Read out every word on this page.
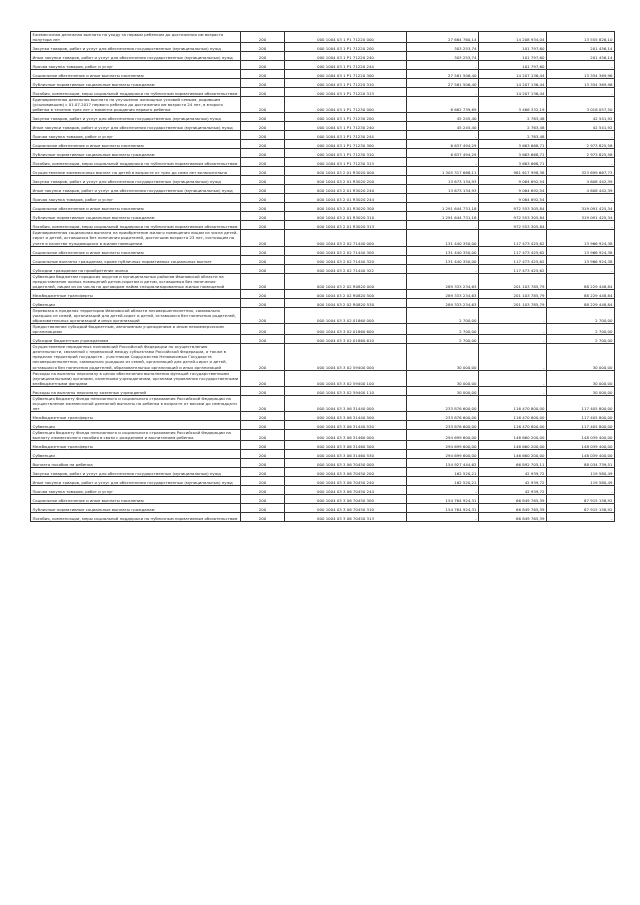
Ежемесячная денежная выплата по уходу за первым ребенком до достижения им возраста полутора лет	200	000 1004 03 1 P1 71220 000	27 664 760,14	14 208 934,04	13 555 826,10
Закупка товаров, работ и услуг для обеспечения государственных (муниципальных) нужд	200	000 1004 03 1 P1 71220 200	303 253,74	101 797,60	201 456,14
Иные закупки товаров, работ и услуг для обеспечения государственных (муниципальных) нужд	200	000 1004 03 1 P1 71220 240	303 253,74	101 797,60	201 456,14
Прочая закупка товаров, работ и услуг	200	000 1004 03 1 P1 71220 244	-	101 797,60	-
Социальное обеспечение и иные выплаты населению	200	000 1004 03 1 P1 71220 300	27 561 506,40	14 207 136,44	13 354 369,96
Публичные нормативные социальные выплаты гражданам	200	000 1004 03 1 P1 71220 310	27 561 506,40	14 207 136,44	13 354 369,96
Пособия, компенсации, меры социальной поддержки по публичным нормативным обязательствам	200	000 1004 03 1 P1 71220 313	-	14 207 136,44	-
Единовременная денежная выплата на улучшение жилищных условий семьям, родившим (усыновившим) с 01.07.2017 первого ребенка до достижения им возраста 24 лет, в второго ребенка в течение трех лет с момента рождения первого ребенка	200	000 1004 03 1 P1 71230 000	6 662 739,69	3 466 332,19	3 018 057,50
Закупка товаров, работ и услуг для обеспечения государственных (муниципальных) нужд	200	000 1004 03 1 P1 71230 200	45 245,40	2 763,48	42 541,92
Иные закупки товаров, работ и услуг для обеспечения государственных (муниципальных) нужд	200	000 1004 03 1 P1 71230 240	45 245,40	2 763,48	42 541,92
Прочая закупка товаров, работ и услуг	200	000 1004 03 1 P1 71230 244	-	2 763,48	-
Социальное обеспечение и иные выплаты населению	200	000 1004 03 1 P1 71230 300	6 637 494,29	3 663 668,71	2 973 825,58
Публичные нормативные социальные выплаты гражданам	200	000 1004 03 1 P1 71230 310	6 637 494,29	3 663 668,71	2 973 825,58
Пособия, компенсации, меры социальной поддержки по публичным нормативным обязательствам	200	000 1004 03 1 P1 71230 313	-	3 663 668,71	-
Осуществление ежемесячных выплат на детей в возрасте от трех до семи лет включительно	200	000 1004 03 2 01 R3020 000	1 305 317 668,11	981 617 998,38	323 699 667,73
Закупка товаров, работ и услуг для обеспечения государственных (муниципальных) нужд	200	000 1004 03 2 01 R3020 200	13 673 134,93	9 064 692,54	4 608 442,39
Иные закупки товаров, работ и услуг для обеспечения государственных (муниципальных) нужд	200	000 1004 03 2 01 R3020 240	13 673 134,93	9 064 692,54	4 608 442,39
Прочая закупка товаров, работ и услуг	200	000 1004 03 2 01 R3020 244	-	9 064 692,54	-
Социальное обеспечение и иные выплаты населению	200	000 1004 03 2 01 R3020 300	1 291 644 731,18	972 553 305,84	319 091 425,34
Публичные нормативные социальные выплаты гражданам	200	000 1004 03 2 01 R3020 310	1 291 644 731,18	972 553 305,84	319 091 425,34
Пособия, компенсации, меры социальной поддержки по публичным нормативным обязательствам	200	000 1004 03 2 01 R3020 313	-	972 553 305,84	-
Единовременная социальная выплата на приобретение жилого помещения лицам из числа детей-сирот и детей, оставшихся без попечения родителей, достигшим возраста 23 лет, состоящим на учете в качестве нуждающихся в жилом помещении	200	000 1004 03 2 02 71440 000	131 440 350,00	117 473 425,62	13 966 924,38
Социальное обеспечение и иные выплаты населению	200	000 1004 03 2 02 71440 300	131 440 350,00	117 473 425,62	13 966 924,38
Социальные выплаты гражданам, кроме публичных нормативных социальных выплат	200	000 1004 03 2 02 71440 320	131 440 350,00	117 473 425,62	13 966 924,38
Субсидии гражданам на приобретение жилья	200	000 1004 03 2 02 71440 322	-	117 473 425,62	-
Субвенции бюджетам городских округов и муниципальных районов Ивановской области на предоставление жилых помещений детям-сиротам и детям, оставшимся без попечения родителей, лицам из их числа по договорам найма специализированных жилых помещений	200	000 1004 03 2 02 R0820 000	289 333 234,63	201 103 785,79	88 229 448,84
Межбюджетные трансферты	200	000 1004 03 2 02 R0820 500	289 333 234,63	201 103 785,79	88 229 448,84
Субвенции	200	000 1004 03 2 02 R0820 530	289 333 234,63	201 103 785,79	88 229 448,84
Перевозка в пределах территории Ивановской области несовершеннолетних, самовольно ушедших из семей, организаций для детей-сирот и детей, оставшихся без попечения родителей, образовательных организаций и иных организаций	200	000 1004 03 3 02 01860 000	2 700,00	-	2 700,00
Предоставление субсидий бюджетным, автономным учреждениям и иным некоммерческим организациям	200	000 1004 03 3 02 01860 600	2 700,00	-	2 700,00
Субсидии бюджетным учреждениям	200	000 1004 03 3 02 01860 610	2 700,00	-	2 700,00
Осуществление переданных полномочий Российской Федерации по осуществлению деятельности, связанной с перевозкой между субъектами Российской Федерации, а также в пределах территорий государств - участников Содружества Независимых Государств несовершеннолетних, самовольно ушедших из семей, организаций для детей-сирот и детей, оставшихся без попечения родителей, образовательных организаций и иных организаций	200	000 1004 03 3 02 59400 000	30 000,00	-	30 000,00
Расходы на выплаты персоналу в целях обеспечения выполнения функций государственными (муниципальными) органами, казенными учреждениями, органами управления государственными внебюджетными фондами	200	000 1004 03 3 02 59400 100	30 000,00	-	30 000,00
Расходы на выплаты персоналу казенных учреждений	200	000 1004 03 3 02 59400 110	30 000,00	-	30 000,00
Субвенция бюджету Фонда пенсионного и социального страхования Российской Федерации на осуществление ежемесячной денежной выплаты на ребенка в возрасте от восьми до семнадцати лет	200	000 1004 03 3 06 31440 000	233 876 600,00	116 470 800,00	117 405 800,00
Межбюджетные трансферты	200	000 1004 03 3 06 31440 500	233 876 600,00	116 470 800,00	117 405 800,00
Субвенции	200	000 1004 03 3 06 31440 530	233 876 600,00	116 470 800,00	117 405 800,00
Субвенция бюджету Фонда пенсионного и социального страхования Российской Федерации на выплату ежемесячного пособия в связи с рождением и воспитанием ребенка	200	000 1004 03 3 06 31460 000	294 699 600,00	146 660 200,00	148 039 400,00
Межбюджетные трансферты	200	000 1004 03 3 06 31460 500	294 699 600,00	146 660 200,00	148 039 400,00
Субвенции	200	000 1004 03 3 06 31460 530	294 699 600,00	146 660 200,00	148 039 400,00
Выплата пособия на ребенка	200	000 1004 03 3 06 70450 000	154 927 444,62	66 892 705,11	88 034 739,51
Закупка товаров, работ и услуг для обеспечения государственных (муниципальных) нужд	200	000 1004 03 3 06 70450 200	162 520,21	42 939,72	119 580,49
Иные закупки товаров, работ и услуг для обеспечения государственных (муниципальных) нужд	200	000 1004 03 3 06 70450 240	162 520,21	42 939,72	119 580,49
Прочая закупка товаров, работ и услуг	200	000 1004 03 3 06 70450 244	-	42 939,72	-
Социальное обеспечение и иные выплаты населению	200	000 1004 03 3 06 70450 300	154 764 924,31	66 849 765,39	87 915 158,92
Публичные нормативные социальные выплаты гражданам	200	000 1004 03 3 06 70450 310	154 764 924,31	66 849 765,39	87 915 158,92
Пособия, компенсации, меры социальной поддержки по публичным нормативным обязательствам	200	000 1004 03 3 06 70450 313	-	66 849 765,39	-
